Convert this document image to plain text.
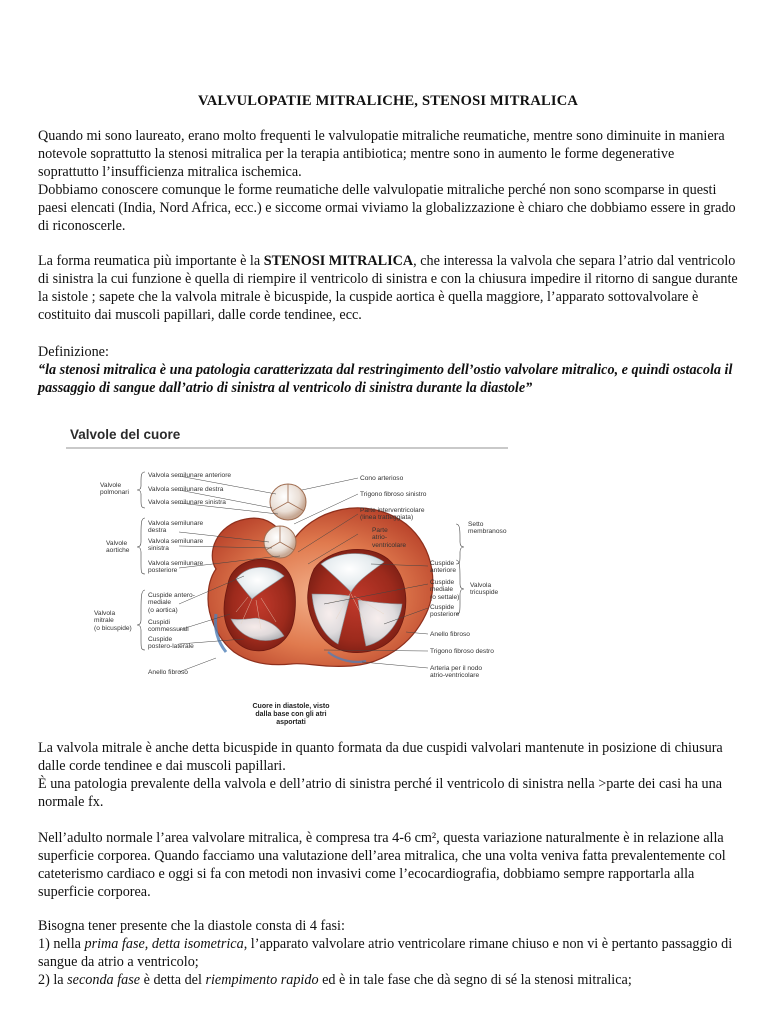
VALVULOPATIE MITRALICHE, STENOSI MITRALICA

Quando mi sono laureato, erano molto frequenti le valvulopatie mitraliche reumatiche, mentre sono diminuite in maniera notevole soprattutto la stenosi mitralica per la terapia antibiotica; mentre sono in aumento le forme degenerative soprattutto l’insufficienza mitralica ischemica.

Dobbiamo conoscere comunque le forme reumatiche delle valvulopatie mitraliche perché non sono scomparse in questi paesi elencati (India, Nord Africa, ecc.) e siccome ormai viviamo la globalizzazione è chiaro che dobbiamo essere in grado di riconoscerle.

La forma reumatica più importante è la STENOSI MITRALICA, che interessa la valvola che separa l’atrio dal ventricolo di sinistra la cui funzione è quella di riempire il ventricolo di sinistra e con la chiusura impedire il ritorno di sangue durante la sistole ; sapete che la valvola mitrale è bicuspide, la cuspide aortica è quella maggiore, l’apparato sottovalvolare è costituito dai muscoli papillari, dalle corde tendinee, ecc.

Definizione:

“la stenosi mitralica è una patologia caratterizzata dal restringimento dell’ostio valvolare mitralico, e quindi ostacola il passaggio di sangue dall’atrio di sinistra al ventricolo di sinistra durante la diastole”

Valvole del cuore
Valvole
polmonari
Valvola semilunare anteriore
Valvola semilunare destra
Valvola semilunare sinistra
Valvole
aortiche
Valvola semilunare
destra
Valvola semilunare
sinistra
Valvola semilunare
posteriore
Valvola
mitrale
(o bicuspide)
Cuspide antero-
mediale
(o aortica)
Cuspidi
commessurali
Cuspide
postero-laterale
Anello fibroso
Cono arterioso
Trigono fibroso sinistro
Parte interventricolare
(linea tratteggiata)
Parte
atrio-
ventricolare
Setto
membranoso
Cuspide
anteriore
Cuspide
mediale
(o settale)
Cuspide
posteriore
Valvola
tricuspide
Anello fibroso
Trigono fibroso destro
Arteria per il nodo
atrio-ventricolare
Cuore in diastole, visto
dalla base con gli atri asportati

La valvola mitrale è anche detta bicuspide in quanto formata da due cuspidi valvolari mantenute in posizione di chiusura dalle corde tendinee e dai muscoli papillari.

È una patologia prevalente della valvola e dell’atrio di sinistra perché il ventricolo di sinistra nella >parte dei casi ha una normale fx.

Nell’adulto normale l’area valvolare mitralica, è compresa tra 4-6 cm², questa variazione naturalmente è in relazione alla superficie corporea. Quando facciamo una valutazione dell’area mitralica, che una volta veniva fatta prevalentemente col cateterismo cardiaco e oggi si fa con metodi non invasivi come l’ecocardiografia, dobbiamo sempre rapportarla alla superficie corporea.

Bisogna tener presente che la diastole consta di 4 fasi:

1) nella prima fase, detta isometrica, l’apparato valvolare atrio ventricolare rimane chiuso e non vi è pertanto passaggio di sangue da atrio a ventricolo;

2) la seconda fase è detta del riempimento rapido ed è in tale fase che dà segno di sé la stenosi mitralica;
